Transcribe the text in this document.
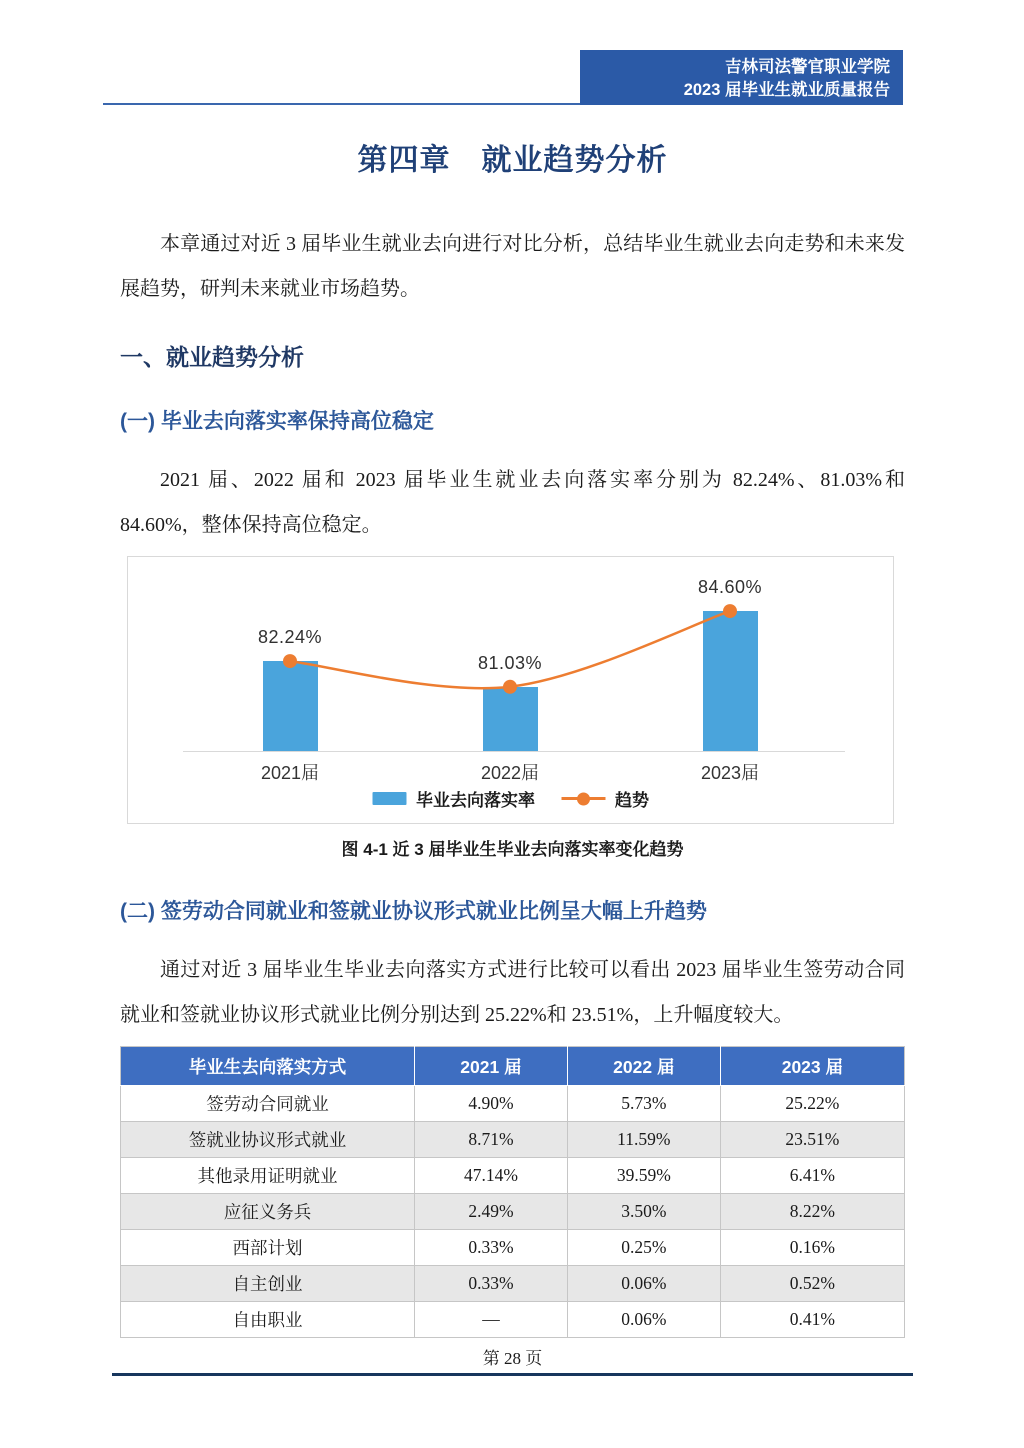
吉林司法警官职业学院
2023 届毕业生就业质量报告
第四章　就业趋势分析

本章通过对近 3 届毕业生就业去向进行对比分析，总结毕业生就业去向走势和未来发展趋势，研判未来就业市场趋势。

一、就业趋势分析
(一) 毕业去向落实率保持高位稳定

2021 届、2022 届和 2023 届毕业生就业去向落实率分别为 82.24%、81.03%和 84.60%，整体保持高位稳定。

82.24%
2021届
81.03%
2022届
84.60%
2023届
毕业去向落实率	趋势
图 4-1 近 3 届毕业生毕业去向落实率变化趋势
(二) 签劳动合同就业和签就业协议形式就业比例呈大幅上升趋势

通过对近 3 届毕业生毕业去向落实方式进行比较可以看出 2023 届毕业生签劳动合同就业和签就业协议形式就业比例分别达到 25.22%和 23.51%，上升幅度较大。

毕业生去向落实方式	2021 届	2022 届	2023 届
签劳动合同就业	4.90%	5.73%	25.22%
签就业协议形式就业	8.71%	11.59%	23.51%
其他录用证明就业	47.14%	39.59%	6.41%
应征义务兵	2.49%	3.50%	8.22%
西部计划	0.33%	0.25%	0.16%
自主创业	0.33%	0.06%	0.52%
自由职业	—	0.06%	0.41%
第 28 页
